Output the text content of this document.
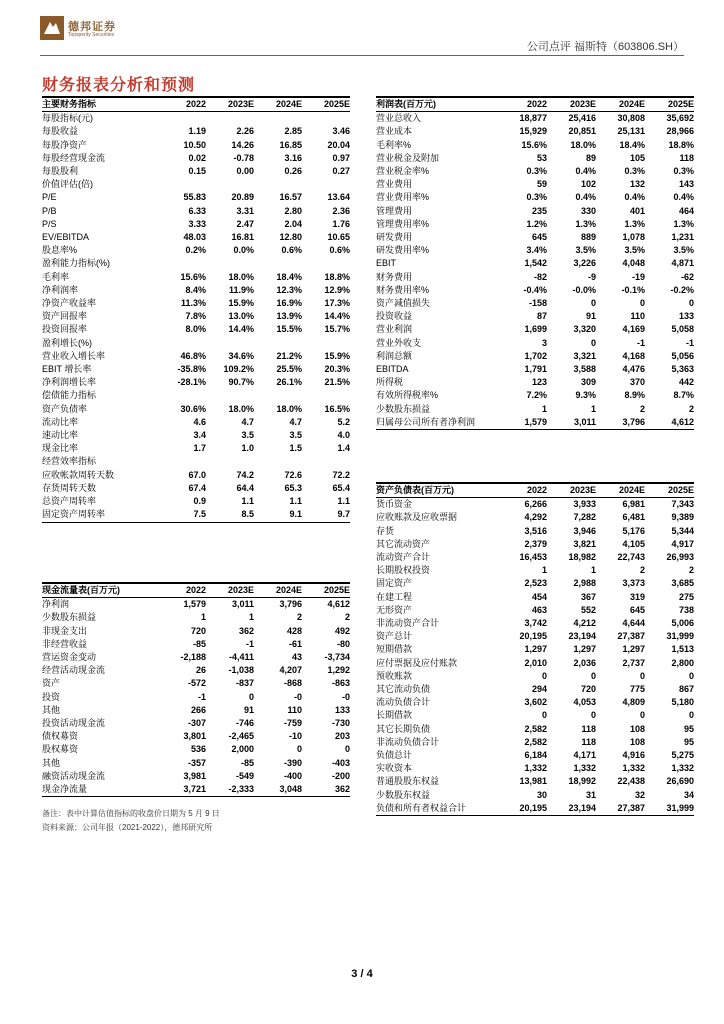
德邦证券
Topsperity Securities
公司点评 福斯特（603806.SH）
财务报表分析和预测
主要财务指标	2022	2023E	2024E	2025E
每股指标(元)				
每股收益	1.19	2.26	2.85	3.46
每股净资产	10.50	14.26	16.85	20.04
每股经营现金流	0.02	-0.78	3.16	0.97
每股股利	0.15	0.00	0.26	0.27
价值评估(倍)				
P/E	55.83	20.89	16.57	13.64
P/B	6.33	3.31	2.80	2.36
P/S	3.33	2.47	2.04	1.76
EV/EBITDA	48.03	16.81	12.80	10.65
股息率%	0.2%	0.0%	0.6%	0.6%
盈利能力指标(%)				
毛利率	15.6%	18.0%	18.4%	18.8%
净利润率	8.4%	11.9%	12.3%	12.9%
净资产收益率	11.3%	15.9%	16.9%	17.3%
资产回报率	7.8%	13.0%	13.9%	14.4%
投资回报率	8.0%	14.4%	15.5%	15.7%
盈利增长(%)				
营业收入增长率	46.8%	34.6%	21.2%	15.9%
EBIT 增长率	-35.8%	109.2%	25.5%	20.3%
净利润增长率	-28.1%	90.7%	26.1%	21.5%
偿债能力指标				
资产负债率	30.6%	18.0%	18.0%	16.5%
流动比率	4.6	4.7	4.7	5.2
速动比率	3.4	3.5	3.5	4.0
现金比率	1.7	1.0	1.5	1.4
经营效率指标				
应收帐款周转天数	67.0	74.2	72.6	72.2
存货周转天数	67.4	64.4	65.3	65.4
总资产周转率	0.9	1.1	1.1	1.1
固定资产周转率	7.5	8.5	9.1	9.7
利润表(百万元)	2022	2023E	2024E	2025E
营业总收入	18,877	25,416	30,808	35,692
营业成本	15,929	20,851	25,131	28,966
毛利率%	15.6%	18.0%	18.4%	18.8%
营业税金及附加	53	89	105	118
营业税金率%	0.3%	0.4%	0.3%	0.3%
营业费用	59	102	132	143
营业费用率%	0.3%	0.4%	0.4%	0.4%
管理费用	235	330	401	464
管理费用率%	1.2%	1.3%	1.3%	1.3%
研发费用	645	889	1,078	1,231
研发费用率%	3.4%	3.5%	3.5%	3.5%
EBIT	1,542	3,226	4,048	4,871
财务费用	-82	-9	-19	-62
财务费用率%	-0.4%	-0.0%	-0.1%	-0.2%
资产减值损失	-158	0	0	0
投资收益	87	91	110	133
营业利润	1,699	3,320	4,169	5,058
营业外收支	3	0	-1	-1
利润总额	1,702	3,321	4,168	5,056
EBITDA	1,791	3,588	4,476	5,363
所得税	123	309	370	442
有效所得税率%	7.2%	9.3%	8.9%	8.7%
少数股东损益	1	1	2	2
归属母公司所有者净利润	1,579	3,011	3,796	4,612
资产负债表(百万元)	2022	2023E	2024E	2025E
货币资金	6,266	3,933	6,981	7,343
应收账款及应收票据	4,292	7,282	6,481	9,389
存货	3,516	3,946	5,176	5,344
其它流动资产	2,379	3,821	4,105	4,917
流动资产合计	16,453	18,982	22,743	26,993
长期股权投资	1	1	2	2
固定资产	2,523	2,988	3,373	3,685
在建工程	454	367	319	275
无形资产	463	552	645	738
非流动资产合计	3,742	4,212	4,644	5,006
资产总计	20,195	23,194	27,387	31,999
短期借款	1,297	1,297	1,297	1,513
应付票据及应付账款	2,010	2,036	2,737	2,800
预收账款	0	0	0	0
其它流动负债	294	720	775	867
流动负债合计	3,602	4,053	4,809	5,180
长期借款	0	0	0	0
其它长期负债	2,582	118	108	95
非流动负债合计	2,582	118	108	95
负债总计	6,184	4,171	4,916	5,275
实收资本	1,332	1,332	1,332	1,332
普通股股东权益	13,981	18,992	22,438	26,690
少数股东权益	30	31	32	34
负债和所有者权益合计	20,195	23,194	27,387	31,999
现金流量表(百万元)	2022	2023E	2024E	2025E
净利润	1,579	3,011	3,796	4,612
少数股东损益	1	1	2	2
非现金支出	720	362	428	492
非经营收益	-85	-1	-61	-80
营运资金变动	-2,188	-4,411	43	-3,734
经营活动现金流	26	-1,038	4,207	1,292
资产	-572	-837	-868	-863
投资	-1	0	-0	-0
其他	266	91	110	133
投资活动现金流	-307	-746	-759	-730
债权募资	3,801	-2,465	-10	203
股权募资	536	2,000	0	0
其他	-357	-85	-390	-403
融资活动现金流	3,981	-549	-400	-200
现金净流量	3,721	-2,333	3,048	362
备注：表中计算估值指标的收盘价日期为 5 月 9 日
资料来源：公司年报（2021-2022），德邦研究所
3 / 4
